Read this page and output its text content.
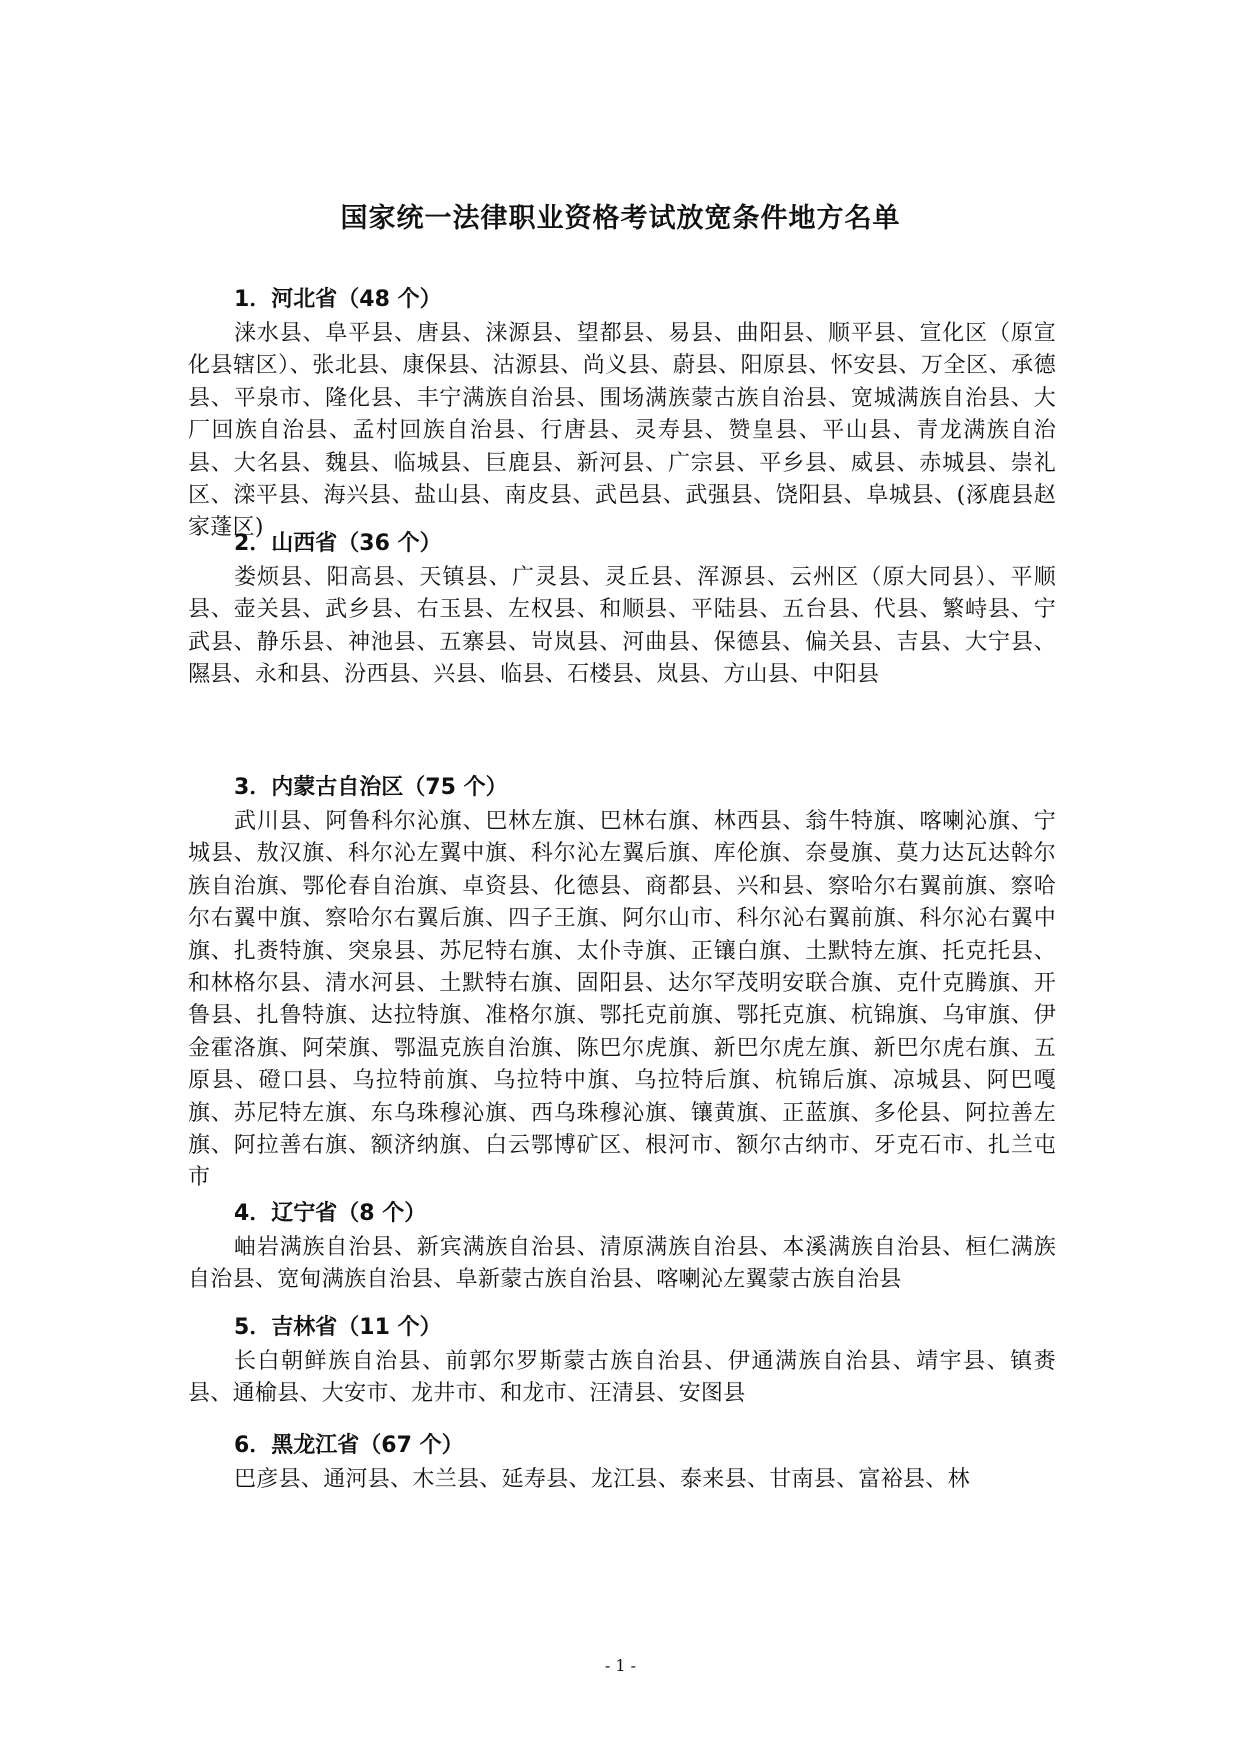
国家统一法律职业资格考试放宽条件地方名单
1．河北省（48 个）
涞水县、阜平县、唐县、涞源县、望都县、易县、曲阳县、顺平县、宣化区（原宣化县辖区）、张北县、康保县、沽源县、尚义县、蔚县、阳原县、怀安县、万全区、承德县、平泉市、隆化县、丰宁满族自治县、围场满族蒙古族自治县、宽城满族自治县、大厂回族自治县、孟村回族自治县、行唐县、灵寿县、赞皇县、平山县、青龙满族自治县、大名县、魏县、临城县、巨鹿县、新河县、广宗县、平乡县、威县、赤城县、崇礼区、滦平县、海兴县、盐山县、南皮县、武邑县、武强县、饶阳县、阜城县、(涿鹿县赵家蓬区)
2．山西省（36 个）
娄烦县、阳高县、天镇县、广灵县、灵丘县、浑源县、云州区（原大同县）、平顺县、壶关县、武乡县、右玉县、左权县、和顺县、平陆县、五台县、代县、繁峙县、宁武县、静乐县、神池县、五寨县、岢岚县、河曲县、保德县、偏关县、吉县、大宁县、隰县、永和县、汾西县、兴县、临县、石楼县、岚县、方山县、中阳县
3．内蒙古自治区（75 个）
武川县、阿鲁科尔沁旗、巴林左旗、巴林右旗、林西县、翁牛特旗、喀喇沁旗、宁城县、敖汉旗、科尔沁左翼中旗、科尔沁左翼后旗、库伦旗、奈曼旗、莫力达瓦达斡尔族自治旗、鄂伦春自治旗、卓资县、化德县、商都县、兴和县、察哈尔右翼前旗、察哈尔右翼中旗、察哈尔右翼后旗、四子王旗、阿尔山市、科尔沁右翼前旗、科尔沁右翼中旗、扎赉特旗、突泉县、苏尼特右旗、太仆寺旗、正镶白旗、土默特左旗、托克托县、和林格尔县、清水河县、土默特右旗、固阳县、达尔罕茂明安联合旗、克什克腾旗、开鲁县、扎鲁特旗、达拉特旗、准格尔旗、鄂托克前旗、鄂托克旗、杭锦旗、乌审旗、伊金霍洛旗、阿荣旗、鄂温克族自治旗、陈巴尔虎旗、新巴尔虎左旗、新巴尔虎右旗、五原县、磴口县、乌拉特前旗、乌拉特中旗、乌拉特后旗、杭锦后旗、凉城县、阿巴嘎旗、苏尼特左旗、东乌珠穆沁旗、西乌珠穆沁旗、镶黄旗、正蓝旗、多伦县、阿拉善左旗、阿拉善右旗、额济纳旗、白云鄂博矿区、根河市、额尔古纳市、牙克石市、扎兰屯市
4．辽宁省（8 个）
岫岩满族自治县、新宾满族自治县、清原满族自治县、本溪满族自治县、桓仁满族自治县、宽甸满族自治县、阜新蒙古族自治县、喀喇沁左翼蒙古族自治县
5．吉林省（11 个）
长白朝鲜族自治县、前郭尔罗斯蒙古族自治县、伊通满族自治县、靖宇县、镇赉县、通榆县、大安市、龙井市、和龙市、汪清县、安图县
6．黑龙江省（67 个）
巴彦县、通河县、木兰县、延寿县、龙江县、泰来县、甘南县、富裕县、林
- 1 -
